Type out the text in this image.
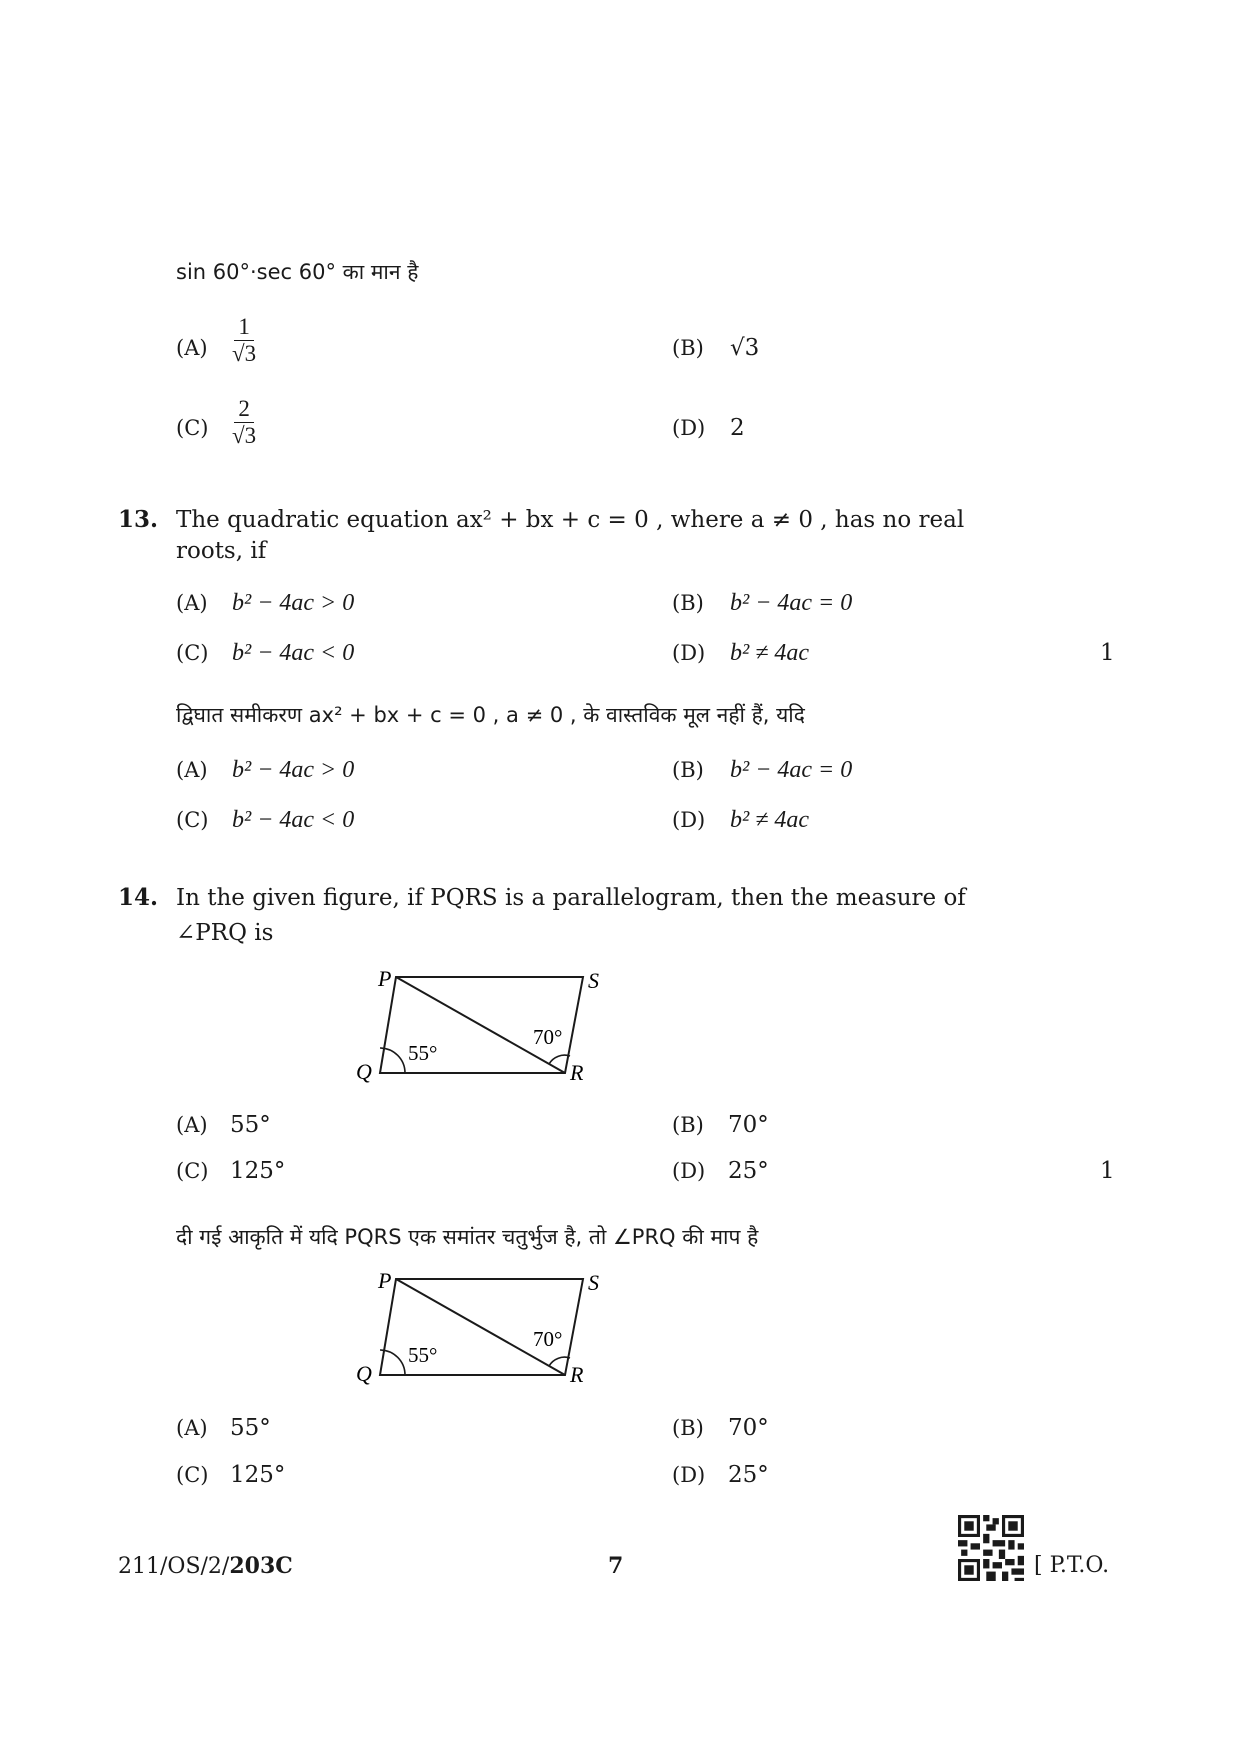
sin 60°·sec 60° का मान है
$(A) \frac{1}{√3}$	(B) √3
$(C) \frac{2}{√3}$	(D) 2
13. The quadratic equation ax² + bx + c = 0 , where a ≠ 0 , has no real
roots, if
(A) b² − 4ac > 0	(B) b² − 4ac = 0
(C) b² − 4ac < 0	(D) b² ≠ 4ac	1
द्विघात समीकरण ax² + bx + c = 0 , a ≠ 0 , के वास्तविक मूल नहीं हैं, यदि
(A) b² − 4ac > 0	(B) b² − 4ac = 0
(C) b² − 4ac < 0	(D) b² ≠ 4ac
14. In the given figure, if PQRS is a parallelogram, then the measure of
∠PRQ is
P	S
Q	R
55°
70°
(A) 55°	(B) 70°
(C) 125°	(D) 25°	1
दी गई आकृति में यदि PQRS एक समांतर चतुर्भुज है, तो ∠PRQ की माप है
P	S
Q	R
55°
70°
(A) 55°	(B) 70°
(C) 125°	(D) 25°
211/OS/2/203C	7	[ P.T.O.
